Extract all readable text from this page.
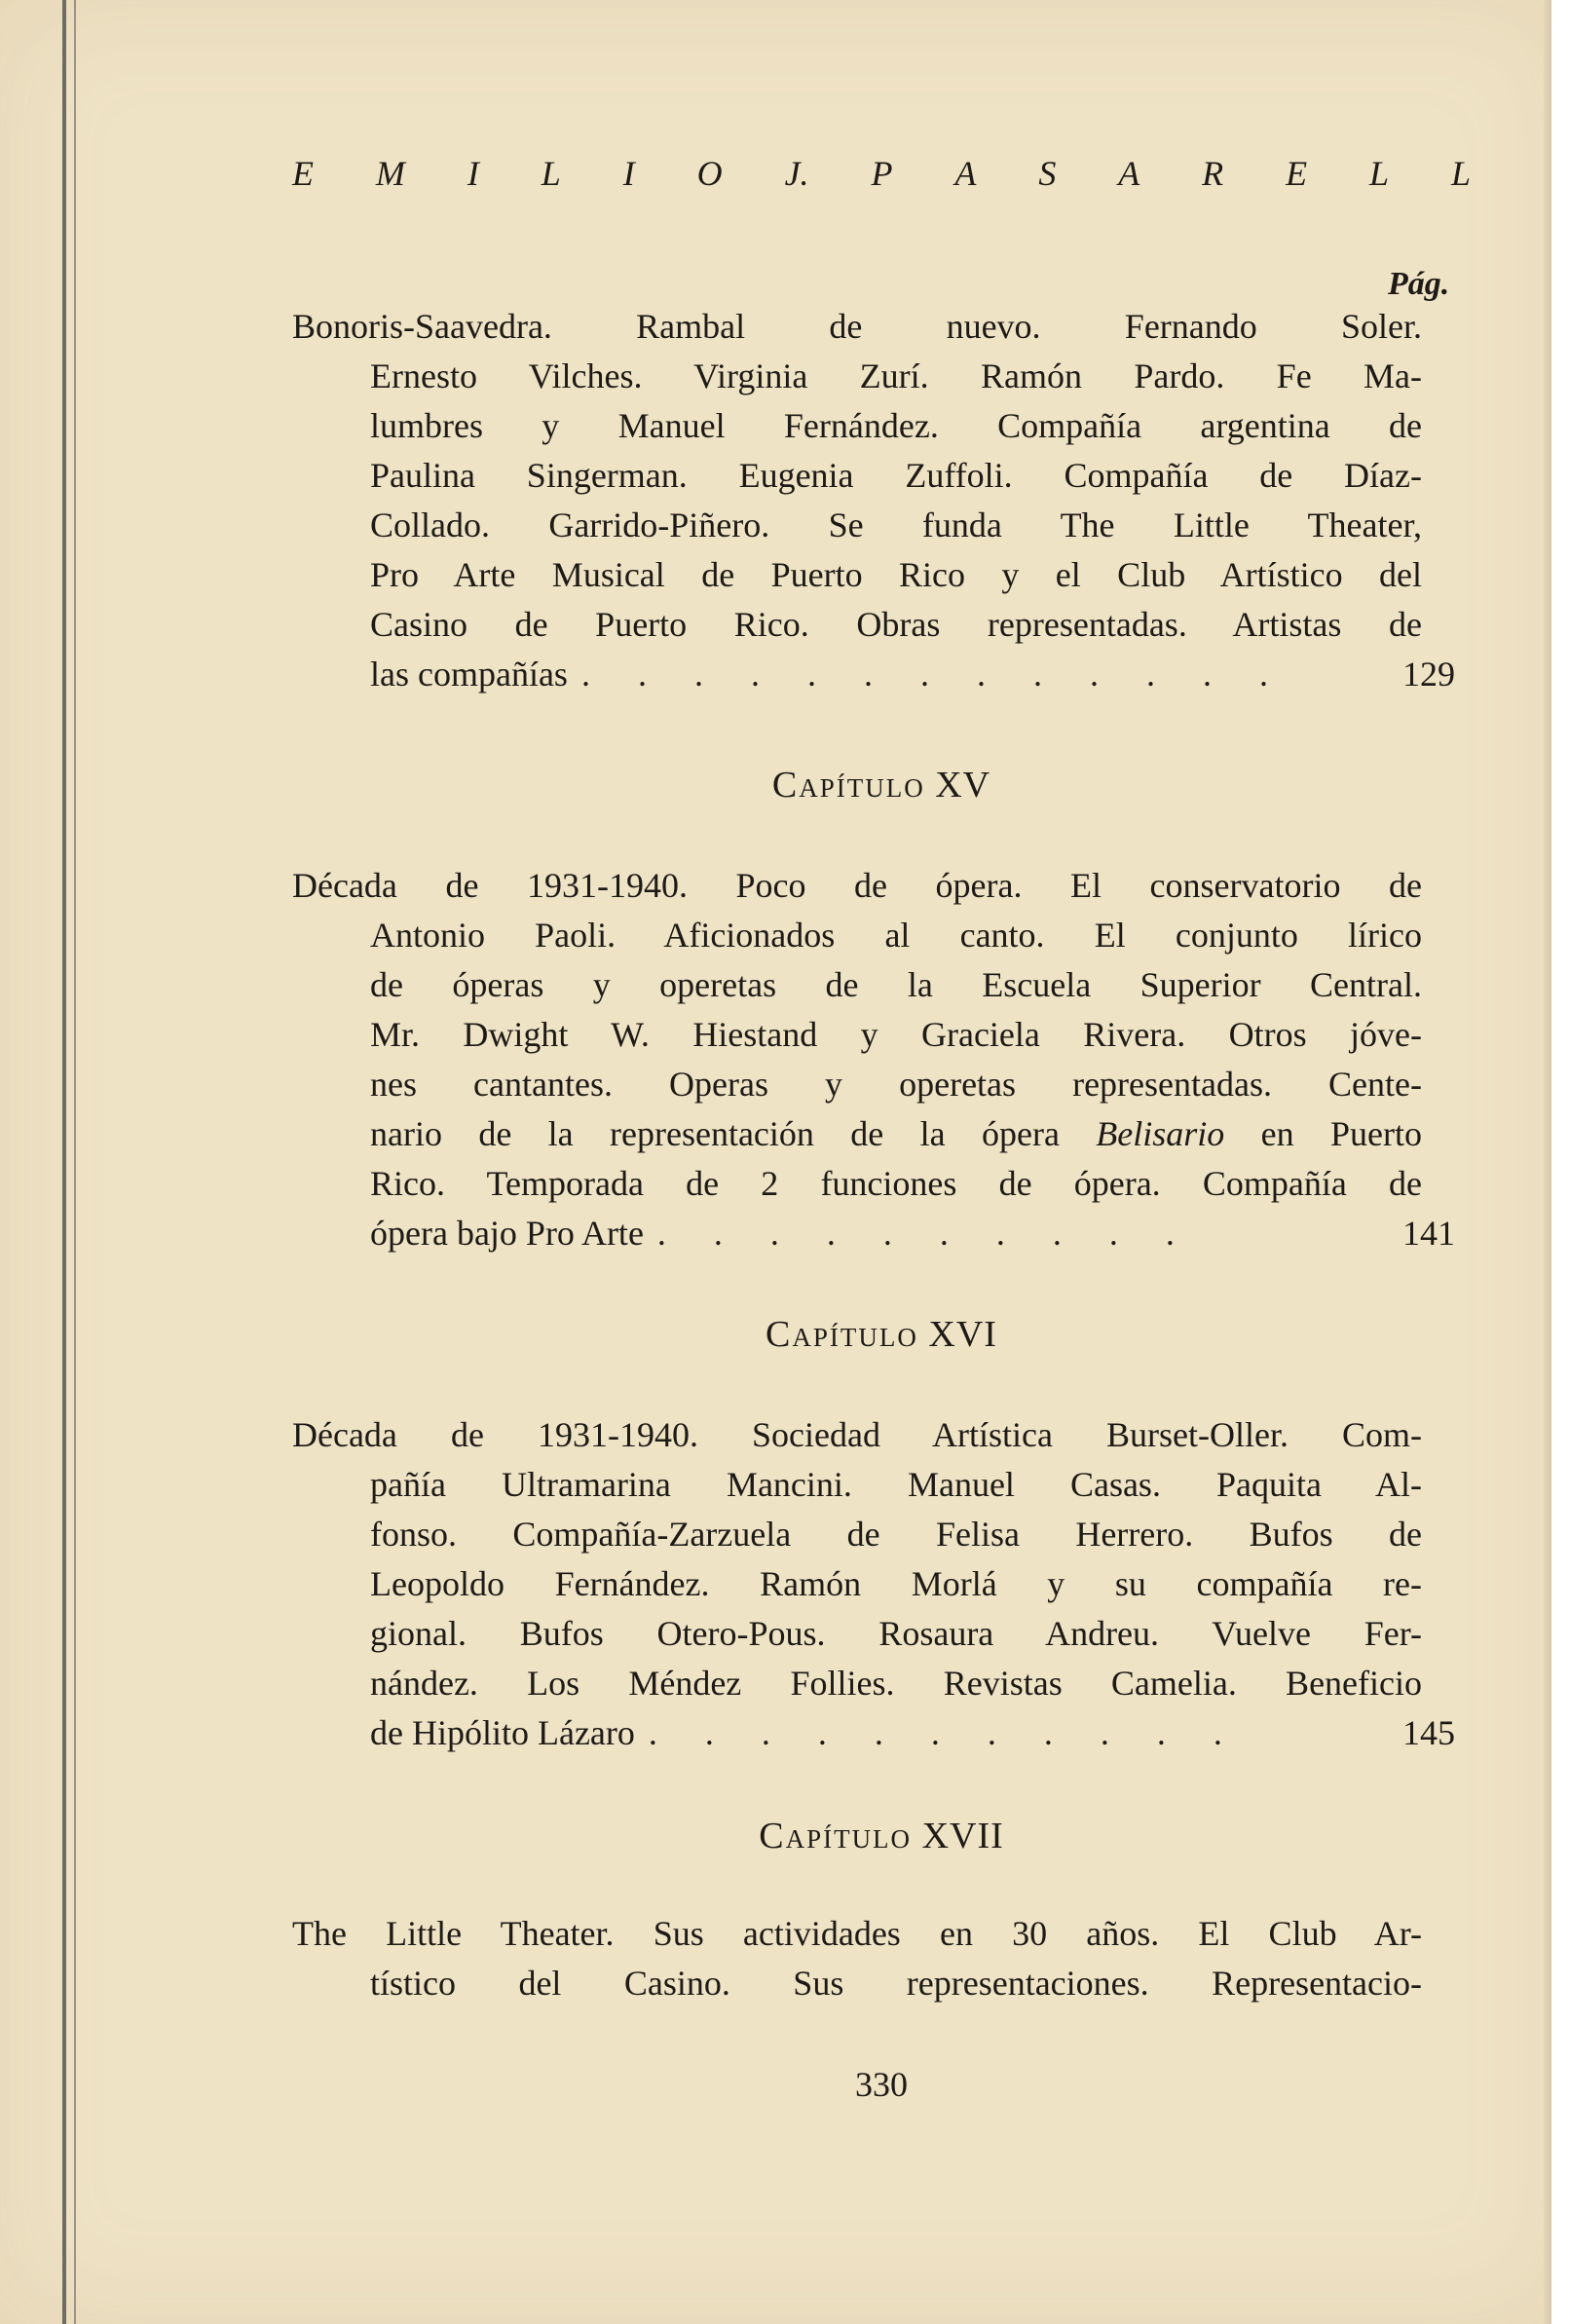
E M I L I O J. P A S A R E L L
Pág.
Bonoris-Saavedra. Rambal de nuevo. Fernando Soler.
Ernesto Vilches. Virginia Zurí. Ramón Pardo. Fe Ma-
lumbres y Manuel Fernández. Compañía argentina de
Paulina Singerman. Eugenia Zuffoli. Compañía de Díaz-
Collado. Garrido-Piñero. Se funda The Little Theater,
Pro Arte Musical de Puerto Rico y el Club Artístico del
Casino de Puerto Rico. Obras representadas. Artistas de
las compañías . . . . . . . . . . . . .	129
Capítulo XV
Década de 1931-1940. Poco de ópera. El conservatorio de
Antonio Paoli. Aficionados al canto. El conjunto lírico
de óperas y operetas de la Escuela Superior Central.
Mr. Dwight W. Hiestand y Graciela Rivera. Otros jóve-
nes cantantes. Operas y operetas representadas. Cente-
nario de la representación de la ópera Belisario en Puerto
Rico. Temporada de 2 funciones de ópera. Compañía de
ópera bajo Pro Arte . . . . . . . . . .	141
Capítulo XVI
Década de 1931-1940. Sociedad Artística Burset-Oller. Com-
pañía Ultramarina Mancini. Manuel Casas. Paquita Al-
fonso. Compañía-Zarzuela de Felisa Herrero. Bufos de
Leopoldo Fernández. Ramón Morlá y su compañía re-
gional. Bufos Otero-Pous. Rosaura Andreu. Vuelve Fer-
nández. Los Méndez Follies. Revistas Camelia. Beneficio
de Hipólito Lázaro . . . . . . . . . . .	145
Capítulo XVII
The Little Theater. Sus actividades en 30 años. El Club Ar-
tístico del Casino. Sus representaciones. Representacio-
330
